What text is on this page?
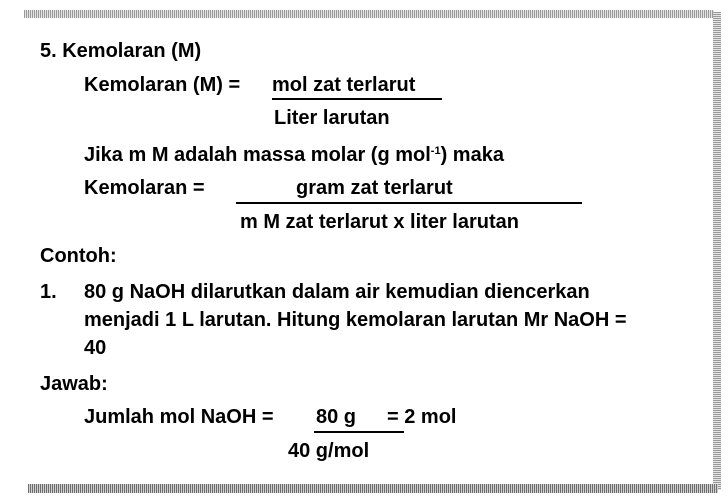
5. Kemolaran (M)
Kemolaran (M) = mol zat terlarut
Liter larutan
Jika m M adalah massa molar (g mol$^{-1}$) maka
Kemolaran =	gram zat terlarut
m M zat terlarut x liter larutan
Contoh:
1. 80 g NaOH dilarutkan dalam air kemudian diencerkan
menjadi 1 L larutan. Hitung kemolaran larutan Mr NaOH =
40
Jawab:
Jumlah mol NaOH = 80 g = 2 mol
40 g/mol
